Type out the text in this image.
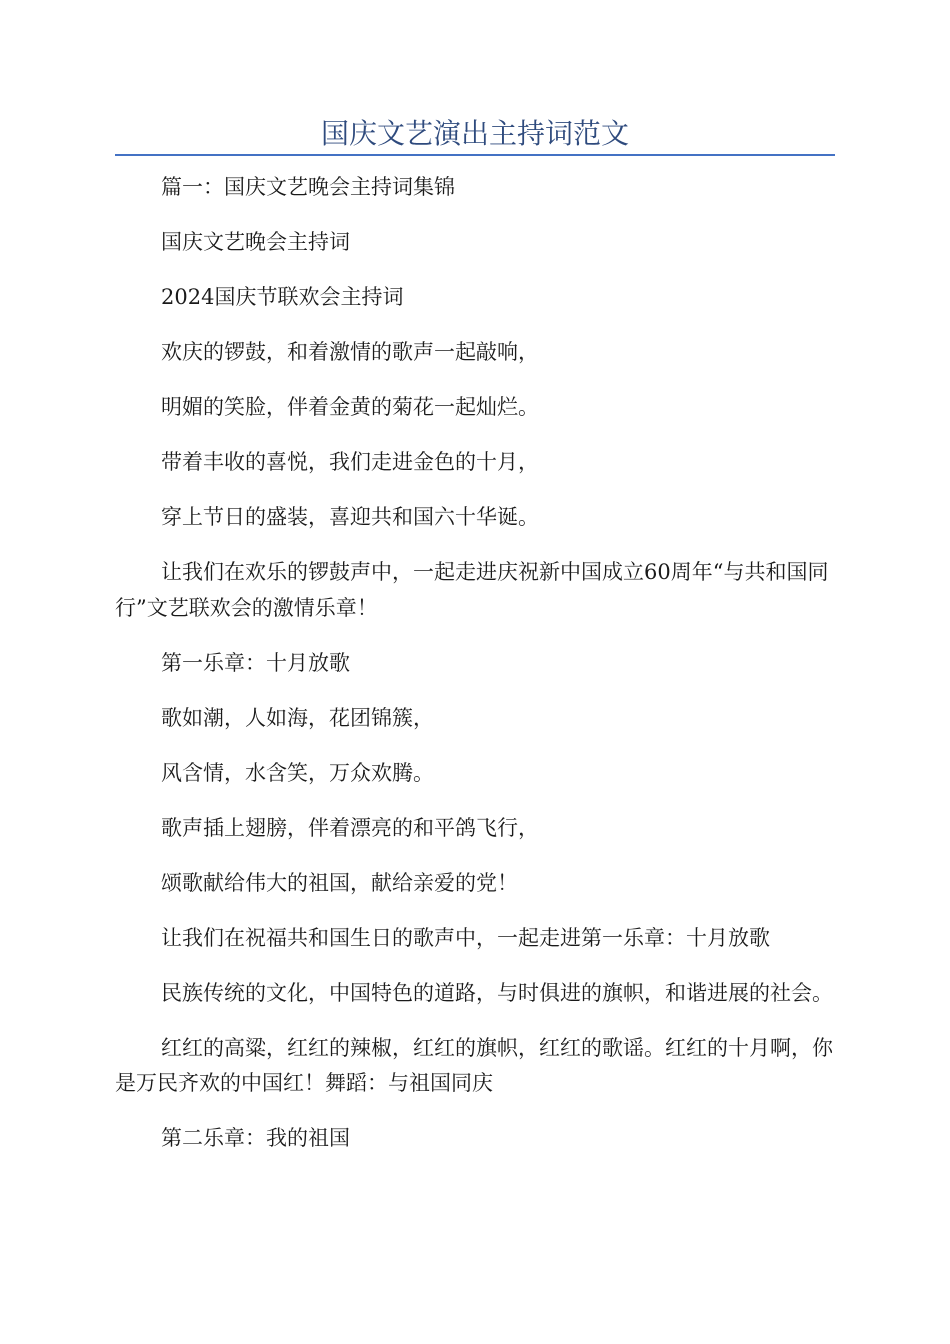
国庆文艺演出主持词范文

篇一：国庆文艺晚会主持词集锦

国庆文艺晚会主持词

2024国庆节联欢会主持词

欢庆的锣鼓，和着激情的歌声一起敲响，

明媚的笑脸，伴着金黄的菊花一起灿烂。

带着丰收的喜悦，我们走进金色的十月，

穿上节日的盛装，喜迎共和国六十华诞。

让我们在欢乐的锣鼓声中，一起走进庆祝新中国成立60周年“与共和国同行”文艺联欢会的激情乐章！

第一乐章：十月放歌

歌如潮，人如海，花团锦簇，

风含情，水含笑，万众欢腾。

歌声插上翅膀，伴着漂亮的和平鸽飞行，

颂歌献给伟大的祖国，献给亲爱的党！

让我们在祝福共和国生日的歌声中，一起走进第一乐章：十月放歌

民族传统的文化，中国特色的道路，与时俱进的旗帜，和谐进展的社会。

红红的高粱，红红的辣椒，红红的旗帜，红红的歌谣。红红的十月啊，你是万民齐欢的中国红！舞蹈：与祖国同庆

第二乐章：我的祖国
